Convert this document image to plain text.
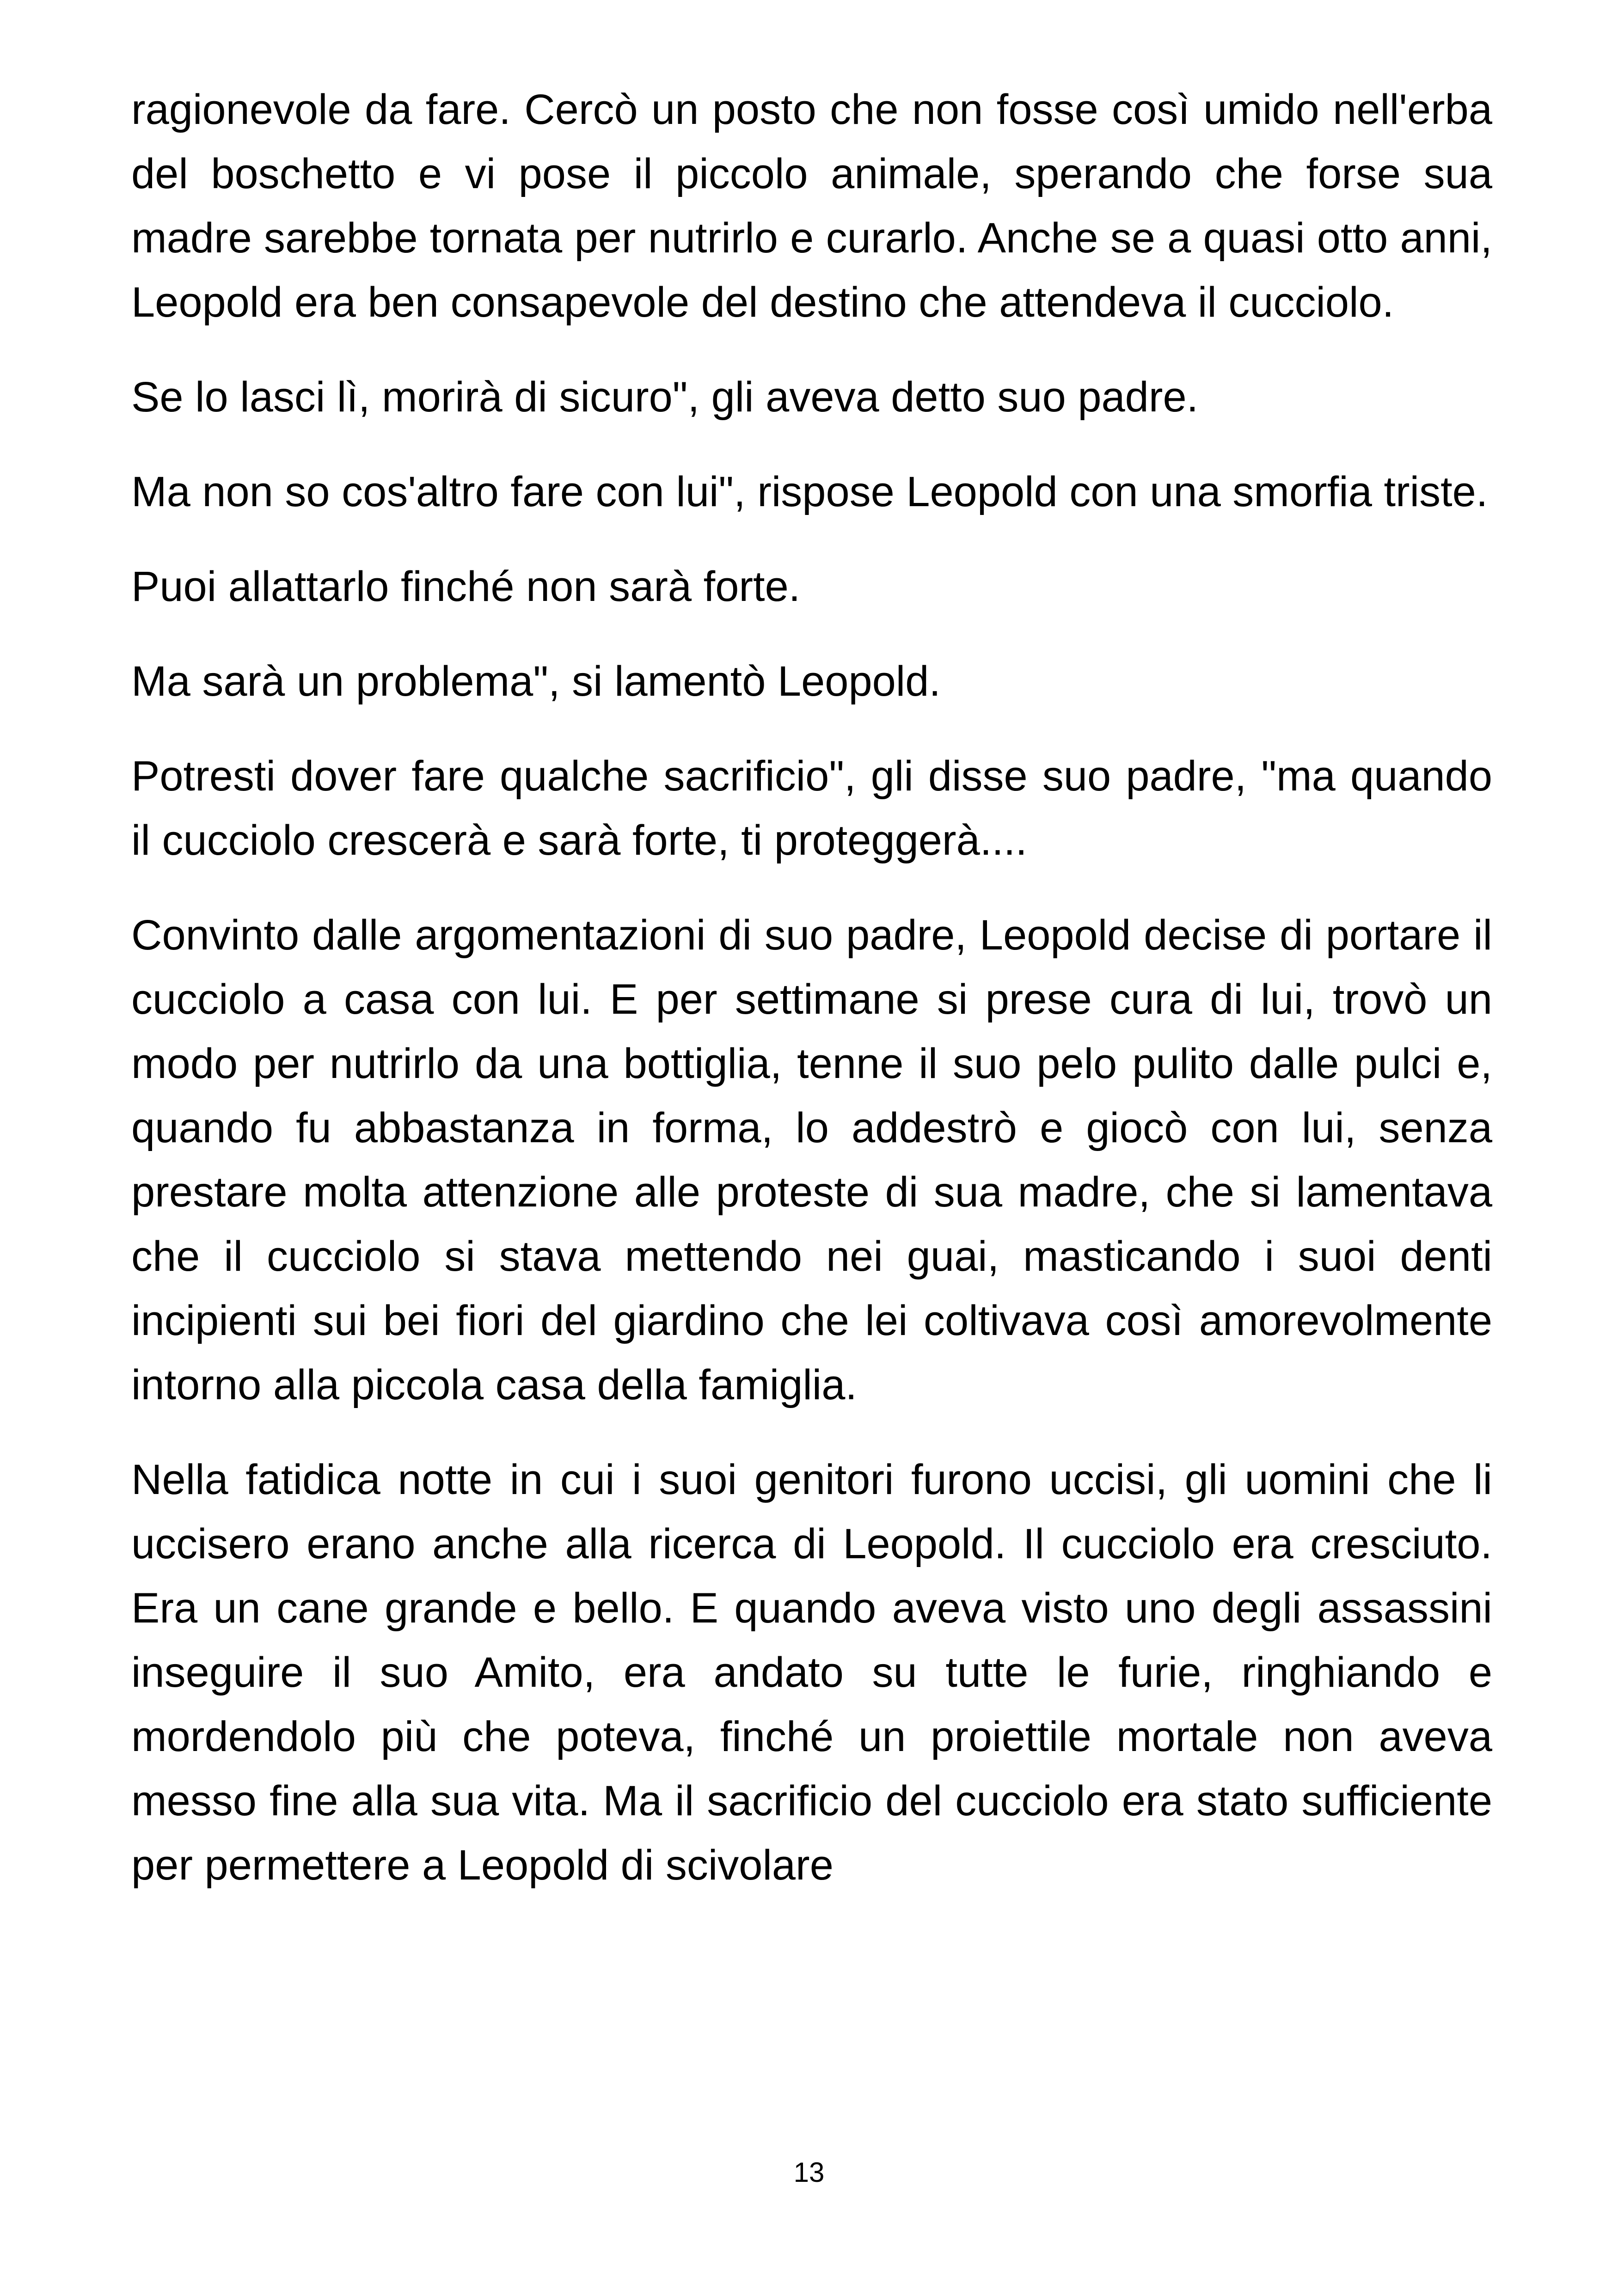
ragionevole da fare. Cercò un posto che non fosse così umido nell'erba del boschetto e vi pose il piccolo animale, sperando che forse sua madre sarebbe tornata per nutrirlo e curarlo. Anche se a quasi otto anni, Leopold era ben consapevole del destino che attendeva il cucciolo.

Se lo lasci lì, morirà di sicuro", gli aveva detto suo padre.

Ma non so cos'altro fare con lui", rispose Leopold con una smorfia triste.

Puoi allattarlo finché non sarà forte.

Ma sarà un problema", si lamentò Leopold.

Potresti dover fare qualche sacrificio", gli disse suo padre, "ma quando il cucciolo crescerà e sarà forte, ti proteggerà....

Convinto dalle argomentazioni di suo padre, Leopold decise di portare il cucciolo a casa con lui. E per settimane si prese cura di lui, trovò un modo per nutrirlo da una bottiglia, tenne il suo pelo pulito dalle pulci e, quando fu abbastanza in forma, lo addestrò e giocò con lui, senza prestare molta attenzione alle proteste di sua madre, che si lamentava che il cucciolo si stava mettendo nei guai, masticando i suoi denti incipienti sui bei fiori del giardino che lei coltivava così amorevolmente intorno alla piccola casa della famiglia.

Nella fatidica notte in cui i suoi genitori furono uccisi, gli uomini che li uccisero erano anche alla ricerca di Leopold. Il cucciolo era cresciuto. Era un cane grande e bello. E quando aveva visto uno degli assassini inseguire il suo Amito, era andato su tutte le furie, ringhiando e mordendolo più che poteva, finché un proiettile mortale non aveva messo fine alla sua vita. Ma il sacrificio del cucciolo era stato sufficiente per permettere a Leopold di scivolare

13
